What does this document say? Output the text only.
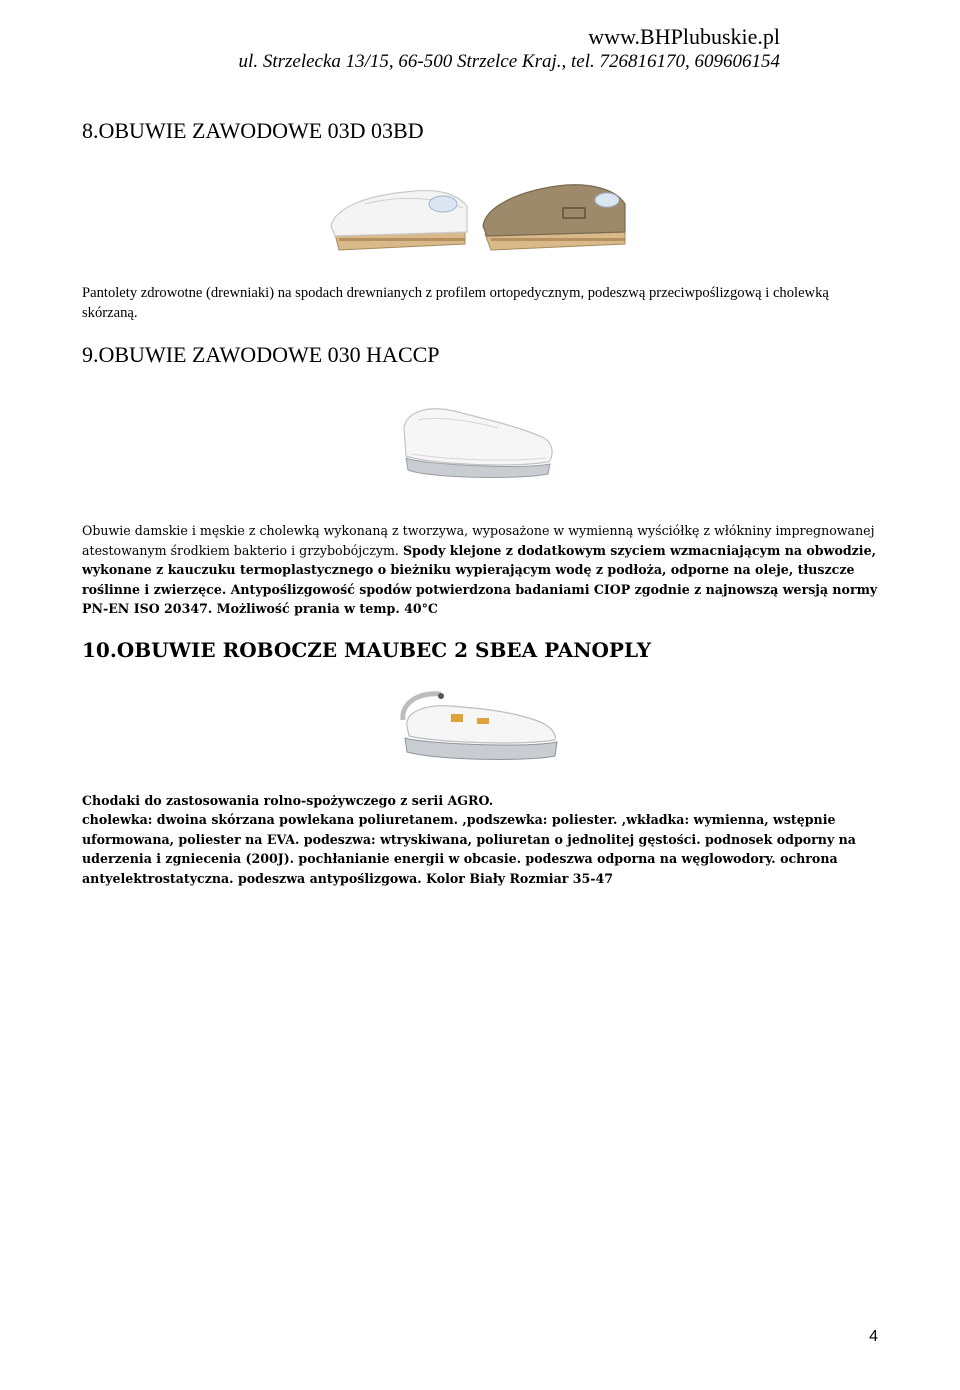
www.BHPlubuskie.pl
ul. Strzelecka 13/15, 66-500 Strzelce Kraj., tel. 726816170, 609606154
8.OBUWIE ZAWODOWE 03D 03BD
Pantolety zdrowotne (drewniaki) na spodach drewnianych z profilem ortopedycznym, podeszwą przeciwpoślizgową i cholewką skórzaną.
9.OBUWIE ZAWODOWE 030 HACCP
Obuwie damskie i męskie z cholewką wykonaną z tworzywa, wyposażone w wymienną wyściółkę z włókniny impregnowanej atestowanym środkiem bakterio i grzybobójczym. Spody klejone z dodatkowym szyciem wzmacniającym na obwodzie, wykonane z kauczuku termoplastycznego o bieżniku wypierającym wodę z podłoża, odporne na oleje, tłuszcze roślinne i zwierzęce. Antypoślizgowość spodów potwierdzona badaniami CIOP zgodnie z najnowszą wersją normy PN-EN ISO 20347. Możliwość prania w temp. 40°C
10.OBUWIE ROBOCZE MAUBEC 2 SBEA PANOPLY
Chodaki do zastosowania rolno-spożywczego z serii AGRO.
cholewka: dwoina skórzana powlekana poliuretanem. ,podszewka: poliester. ,wkładka: wymienna, wstępnie uformowana, poliester na EVA. podeszwa: wtryskiwana, poliuretan o jednolitej gęstości. podnosek odporny na uderzenia i zgniecenia (200J). pochłanianie energii w obcasie. podeszwa odporna na węglowodory. ochrona antyelektrostatyczna. podeszwa antypoślizgowa. Kolor Biały Rozmiar 35-47
4
